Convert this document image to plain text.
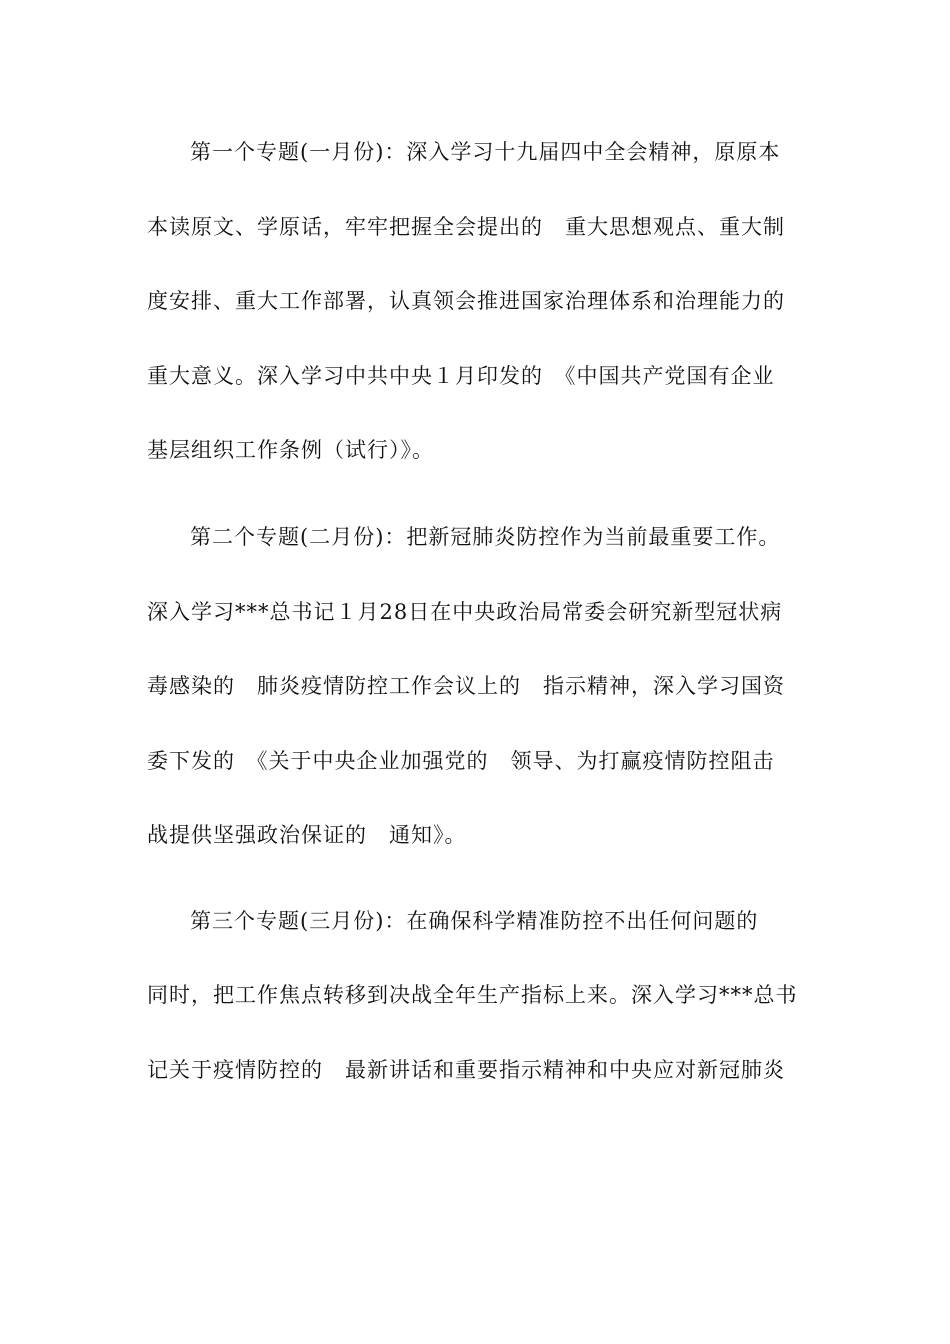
第一个专题(一月份)：深入学习十九届四中全会精神，原原本
本读原文、学原话，牢牢把握全会提出的　重大思想观点、重大制
度安排、重大工作部署，认真领会推进国家治理体系和治理能力的
重大意义。深入学习中共中央１月印发的　《中国共产党国有企业
基层组织工作条例（试行）》。
第二个专题(二月份)：把新冠肺炎防控作为当前最重要工作。
深入学习***总书记１月28日在中央政治局常委会研究新型冠状病
毒感染的　肺炎疫情防控工作会议上的　指示精神，深入学习国资
委下发的　《关于中央企业加强党的　领导、为打赢疫情防控阻击
战提供坚强政治保证的　通知》。
第三个专题(三月份)：在确保科学精准防控不出任何问题的
同时，把工作焦点转移到决战全年生产指标上来。深入学习***总书
记关于疫情防控的　最新讲话和重要指示精神和中央应对新冠肺炎
